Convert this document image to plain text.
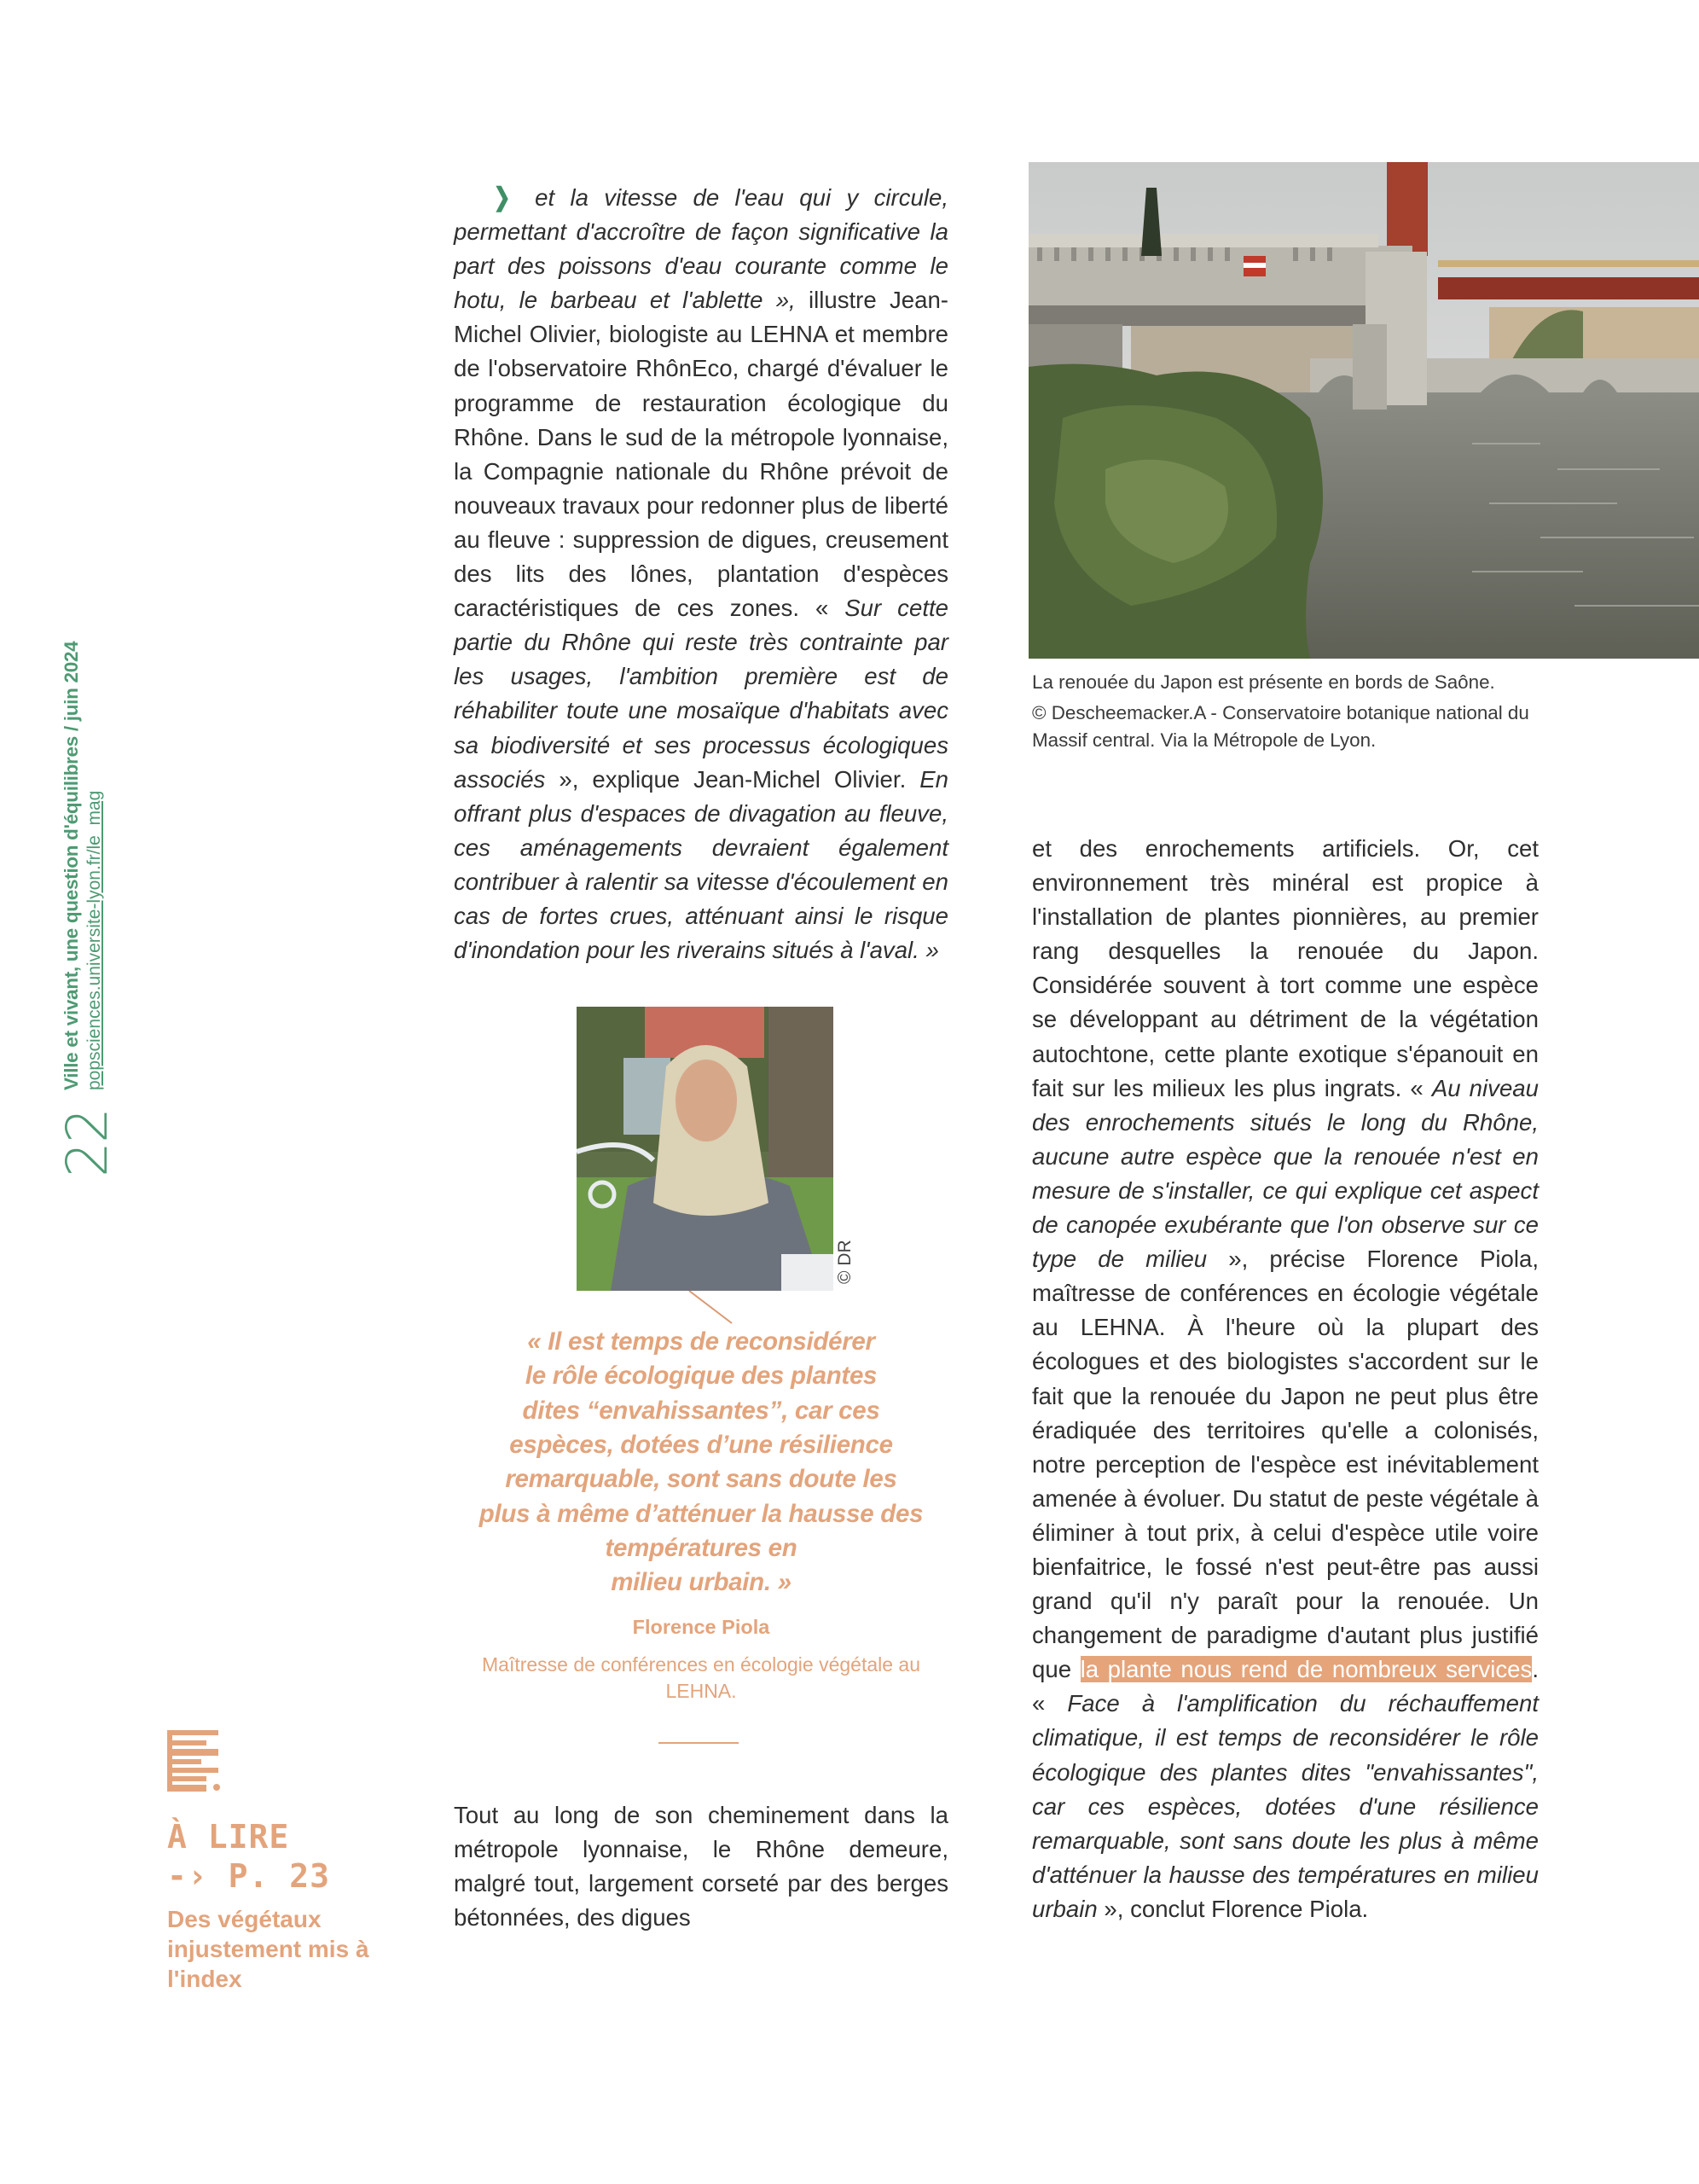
22
Ville et vivant, une question d'équilibres / juin 2024 popsciences.universite-lyon.fr/le_mag

❯ et la vitesse de l'eau qui y circule, permettant d'accroître de façon significative la part des poissons d'eau courante comme le hotu, le barbeau et l'ablette », illustre Jean-Michel Olivier, biologiste au LEHNA et membre de l'observatoire RhônEco, chargé d'évaluer le programme de restauration écologique du Rhône. Dans le sud de la métropole lyonnaise, la Compagnie nationale du Rhône prévoit de nouveaux travaux pour redonner plus de liberté au fleuve : suppression de digues, creusement des lits des lônes, plantation d'espèces caractéristiques de ces zones. « Sur cette partie du Rhône qui reste très contrainte par les usages, l'ambition première est de réhabiliter toute une mosaïque d'habitats avec sa biodiversité et ses processus écologiques associés », explique Jean-Michel Olivier. En offrant plus d'espaces de divagation au fleuve, ces aménagements devraient également contribuer à ralentir sa vitesse d'écoulement en cas de fortes crues, atténuant ainsi le risque d'inondation pour les riverains situés à l'aval. »

© DR
« Il est temps de reconsidérer
le rôle écologique des plantes
dites “envahissantes”, car ces
espèces, dotées d’une résilience
remarquable, sont sans doute les
plus à même d’atténuer la hausse des
températures en
milieu urbain. »
Florence Piola
Maîtresse de conférences en écologie végétale au LEHNA.

Tout au long de son cheminement dans la métropole lyonnaise, le Rhône demeure, malgré tout, largement corseté par des berges bétonnées, des digues

La renouée du Japon est présente en bords de Saône.
© Descheemacker.A - Conservatoire botanique national du Massif central. Via la Métropole de Lyon.

et des enrochements artificiels. Or, cet environnement très minéral est propice à l'installation de plantes pionnières, au premier rang desquelles la renouée du Japon. Considérée souvent à tort comme une espèce se développant au détriment de la végétation autochtone, cette plante exotique s'épanouit en fait sur les milieux les plus ingrats. « Au niveau des enrochements situés le long du Rhône, aucune autre espèce que la renouée n'est en mesure de s'installer, ce qui explique cet aspect de canopée exubérante que l'on observe sur ce type de milieu », précise Florence Piola, maîtresse de conférences en écologie végétale au LEHNA. À l'heure où la plupart des écologues et des biologistes s'accordent sur le fait que la renouée du Japon ne peut plus être éradiquée des territoires qu'elle a colonisés, notre perception de l'espèce est inévitablement amenée à évoluer. Du statut de peste végétale à éliminer à tout prix, à celui d'espèce utile voire bienfaitrice, le fossé n'est peut-être pas aussi grand qu'il n'y paraît pour la renouée. Un changement de paradigme d'autant plus justifié que la plante nous rend de nombreux services. « Face à l'amplification du réchauffement climatique, il est temps de reconsidérer le rôle écologique des plantes dites "envahissantes", car ces espèces, dotées d'une résilience remarquable, sont sans doute les plus à même d'atténuer la hausse des températures en milieu urbain », conclut Florence Piola.

À LIRE
-› P. 23
Des végétaux injustement mis à l'index
